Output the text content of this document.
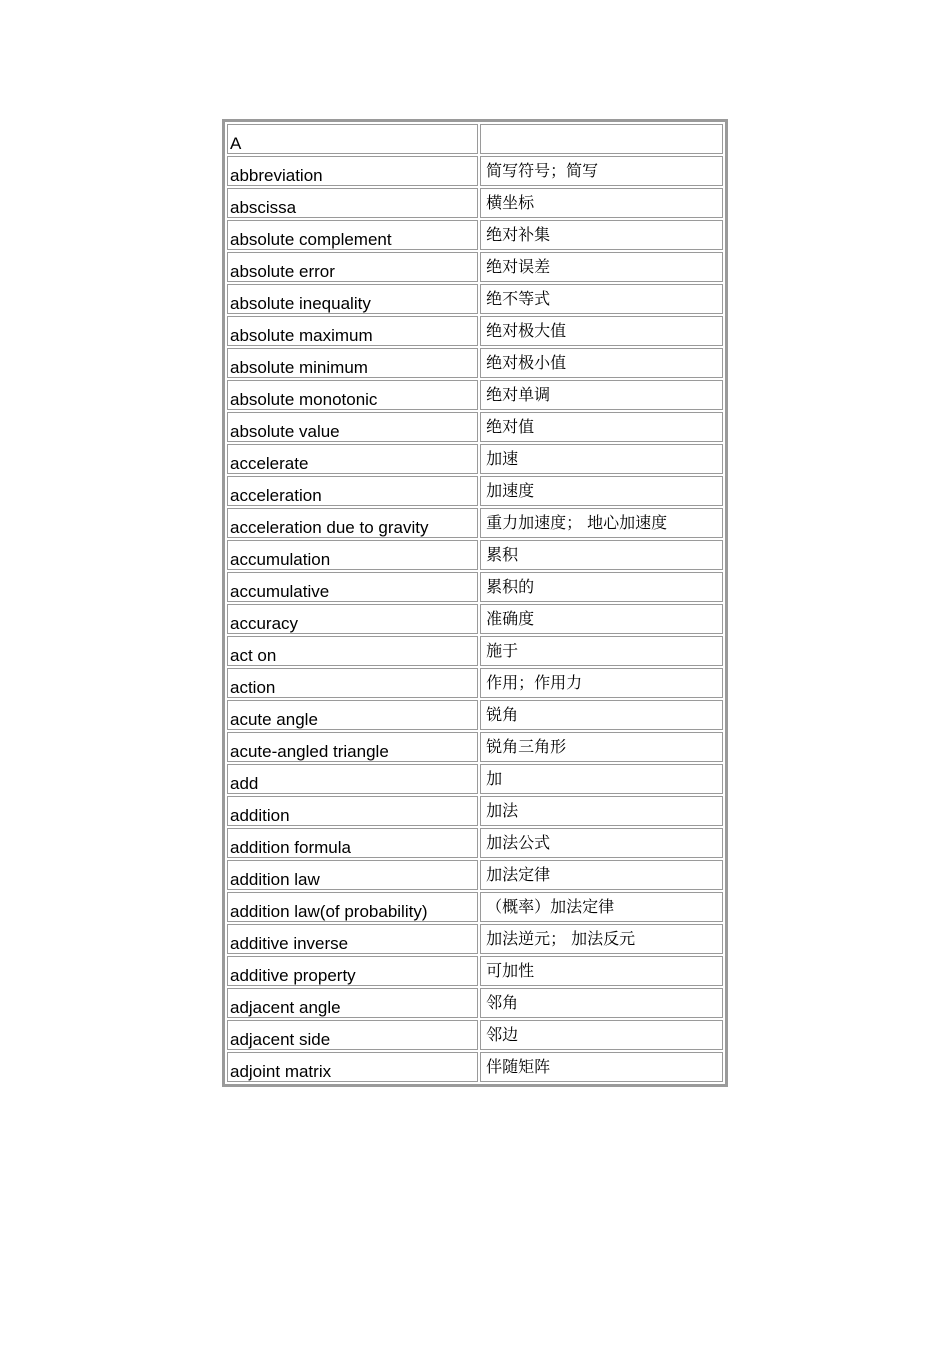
A	
abbreviation	简写符号；简写
abscissa	横坐标
absolute complement	绝对补集
absolute error	绝对误差
absolute inequality	绝不等式
absolute maximum	绝对极大值
absolute minimum	绝对极小值
absolute monotonic	绝对单调
absolute value	绝对值
accelerate	加速
acceleration	加速度
acceleration due to gravity	重力加速度； 地心加速度
accumulation	累积
accumulative	累积的
accuracy	准确度
act on	施于
action	作用；作用力
acute angle	锐角
acute-angled triangle	锐角三角形
add	加
addition	加法
addition formula	加法公式
addition law	加法定律
addition law(of probability)	（概率）加法定律
additive inverse	加法逆元； 加法反元
additive property	可加性
adjacent angle	邻角
adjacent side	邻边
adjoint matrix	伴随矩阵
